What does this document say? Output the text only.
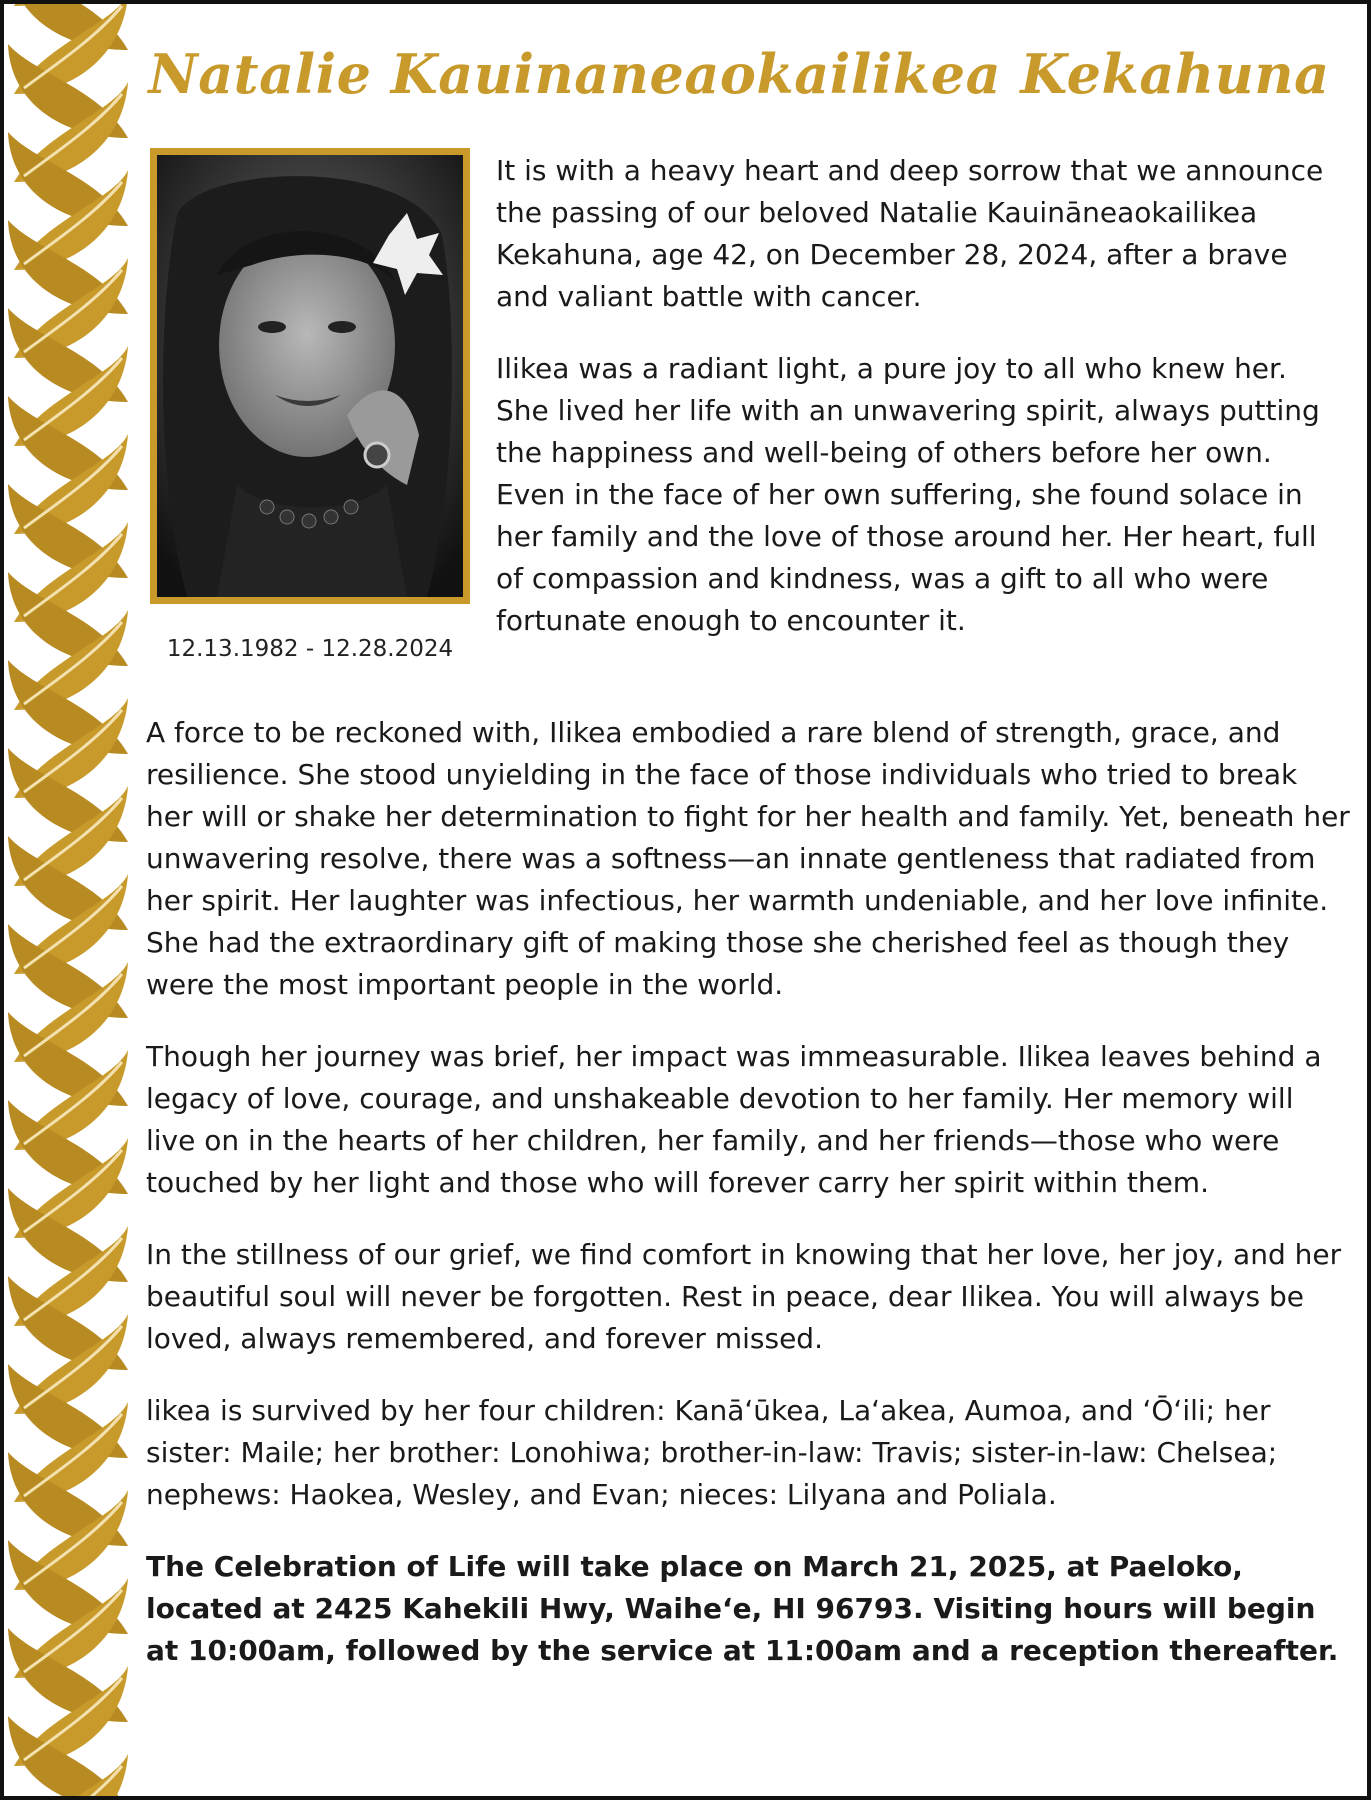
Natalie Kauinaneaokailikea Kekahuna
12.13.1982 - 12.28.2024

It is with a heavy heart and deep sorrow that we announce the passing of our beloved Natalie Kauināneaokailikea Kekahuna, age 42, on December 28, 2024, after a brave and valiant battle with cancer.

Ilikea was a radiant light, a pure joy to all who knew her. She lived her life with an unwavering spirit, always putting the happiness and well-being of others before her own. Even in the face of her own suffering, she found solace in her family and the love of those around her. Her heart, full of compassion and kindness, was a gift to all who were fortunate enough to encounter it.

A force to be reckoned with, Ilikea embodied a rare blend of strength, grace, and resilience. She stood unyielding in the face of those individuals who tried to break her will or shake her determination to fight for her health and family. Yet, beneath her unwavering resolve, there was a softness—an innate gentleness that radiated from her spirit. Her laughter was infectious, her warmth undeniable, and her love infinite. She had the extraordinary gift of making those she cherished feel as though they were the most important people in the world.

Though her journey was brief, her impact was immeasurable. Ilikea leaves behind a legacy of love, courage, and unshakeable devotion to her family. Her memory will live on in the hearts of her children, her family, and her friends—those who were touched by her light and those who will forever carry her spirit within them.

In the stillness of our grief, we find comfort in knowing that her love, her joy, and her beautiful soul will never be forgotten. Rest in peace, dear Ilikea. You will always be loved, always remembered, and forever missed.

likea is survived by her four children: Kanāʻūkea, Laʻakea, Aumoa, and ʻŌʻili; her sister: Maile; her brother: Lonohiwa; brother-in-law: Travis; sister-in-law: Chelsea; nephews: Haokea, Wesley, and Evan; nieces: Lilyana and Poliala.

The Celebration of Life will take place on March 21, 2025, at Paeloko, located at 2425 Kahekili Hwy, Waiheʻe, HI 96793. Visiting hours will begin at 10:00am, followed by the service at 11:00am and a reception thereafter.
